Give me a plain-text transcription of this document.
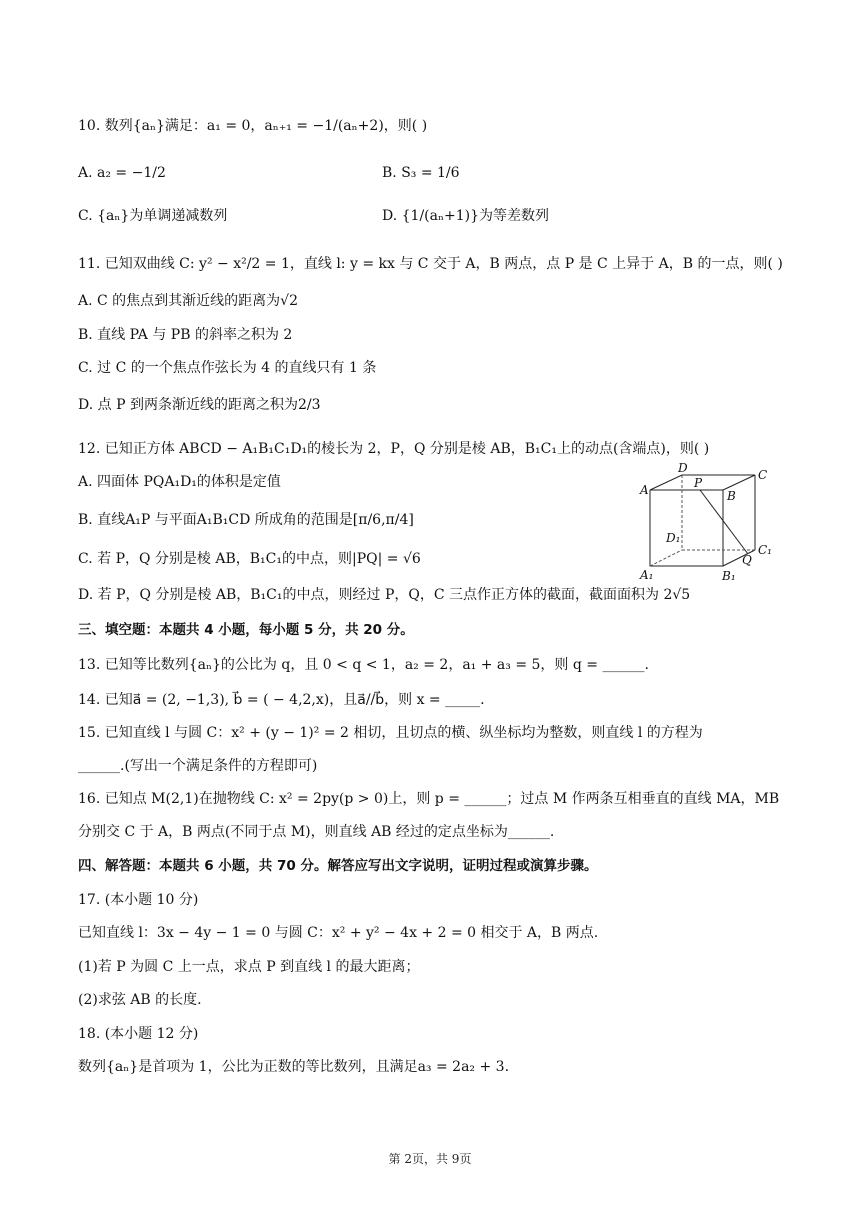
10. 数列{aₙ}满足：a₁ = 0，aₙ₊₁ = −1/(aₙ+2)，则( )
A. a₂ = −1/2	B. S₃ = 1/6
C. {aₙ}为单调递减数列	D. {1/(aₙ+1)}为等差数列
11. 已知双曲线 C: y² − x²/2 = 1，直线 l: y = kx 与 C 交于 A，B 两点，点 P 是 C 上异于 A，B 的一点，则( )
A. C 的焦点到其渐近线的距离为√2
B. 直线 PA 与 PB 的斜率之积为 2
C. 过 C 的一个焦点作弦长为 4 的直线只有 1 条
D. 点 P 到两条渐近线的距离之积为2/3
12. 已知正方体 ABCD − A₁B₁C₁D₁的棱长为 2，P，Q 分别是棱 AB，B₁C₁上的动点(含端点)，则( )
A. 四面体 PQA₁D₁的体积是定值
B. 直线A₁P 与平面A₁B₁CD 所成角的范围是[π/6,π/4]
C. 若 P，Q 分别是棱 AB，B₁C₁的中点，则|PQ| = √6
D. 若 P，Q 分别是棱 AB，B₁C₁的中点，则经过 P，Q，C 三点作正方体的截面，截面面积为 2√5
D	C
A	P
B
D₁
C₁
Q
A₁	B₁
三、填空题：本题共 4 小题，每小题 5 分，共 20 分。
13. 已知等比数列{aₙ}的公比为 q，且 0 < q < 1，a₂ = 2，a₁ + a₃ = 5，则 q = ______.
14. 已知a⃗ = (2, −1,3), b⃗ = ( − 4,2,x)，且a⃗//b⃗，则 x = _____.
15. 已知直线 l 与圆 C：x² + (y − 1)² = 2 相切，且切点的横、纵坐标均为整数，则直线 l 的方程为
______.(写出一个满足条件的方程即可)
16. 已知点 M(2,1)在抛物线 C: x² = 2py(p > 0)上，则 p = ______；过点 M 作两条互相垂直的直线 MA，MB
分别交 C 于 A，B 两点(不同于点 M)，则直线 AB 经过的定点坐标为______.
四、解答题：本题共 6 小题，共 70 分。解答应写出文字说明，证明过程或演算步骤。
17. (本小题 10 分)
已知直线 l：3x − 4y − 1 = 0 与圆 C：x² + y² − 4x + 2 = 0 相交于 A，B 两点.
(1)若 P 为圆 C 上一点，求点 P 到直线 l 的最大距离；
(2)求弦 AB 的长度.
18. (本小题 12 分)
数列{aₙ}是首项为 1，公比为正数的等比数列，且满足a₃ = 2a₂ + 3.
第 2页，共 9页
